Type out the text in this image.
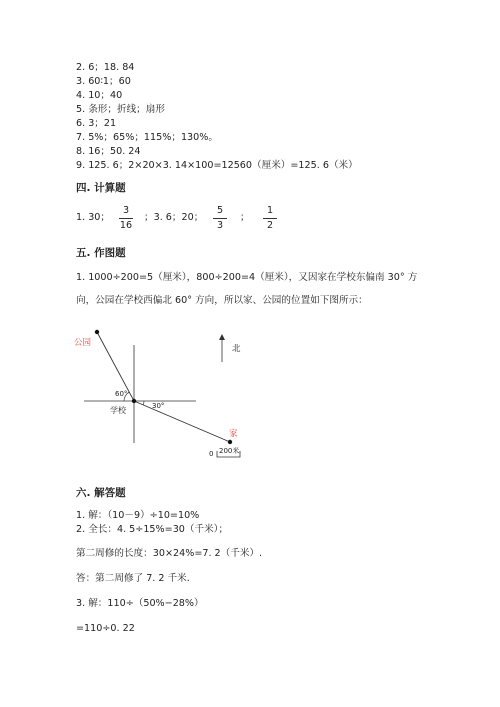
2. 6；18. 84
3. 60∶1；60
4. 10；40
5. 条形；折线；扇形
6. 3；21
7. 5%；65%；115%；130%。
8. 16；50. 24
9. 125. 6；2×20×3. 14×100=12560（厘米）=125. 6（米）
四. 计算题
1. 30；
3
16
；3. 6；20；
5
3
；
1
2
五. 作图题
1. 1000÷200=5（厘米），800÷200=4（厘米），又因家在学校东偏南 30° 方
向，公园在学校西偏北 60° 方向，所以家、公园的位置如下图所示：
公园
家
学校
60°
30°
北
0 200米
六. 解答题
1. 解：（10－9）÷10=10%
2. 全长：4. 5÷15%=30（千米）；
第二周修的长度：30×24%=7. 2（千米）.
答：第二周修了 7. 2 千米.
3. 解：110÷（50%−28%）
=110÷0. 22
